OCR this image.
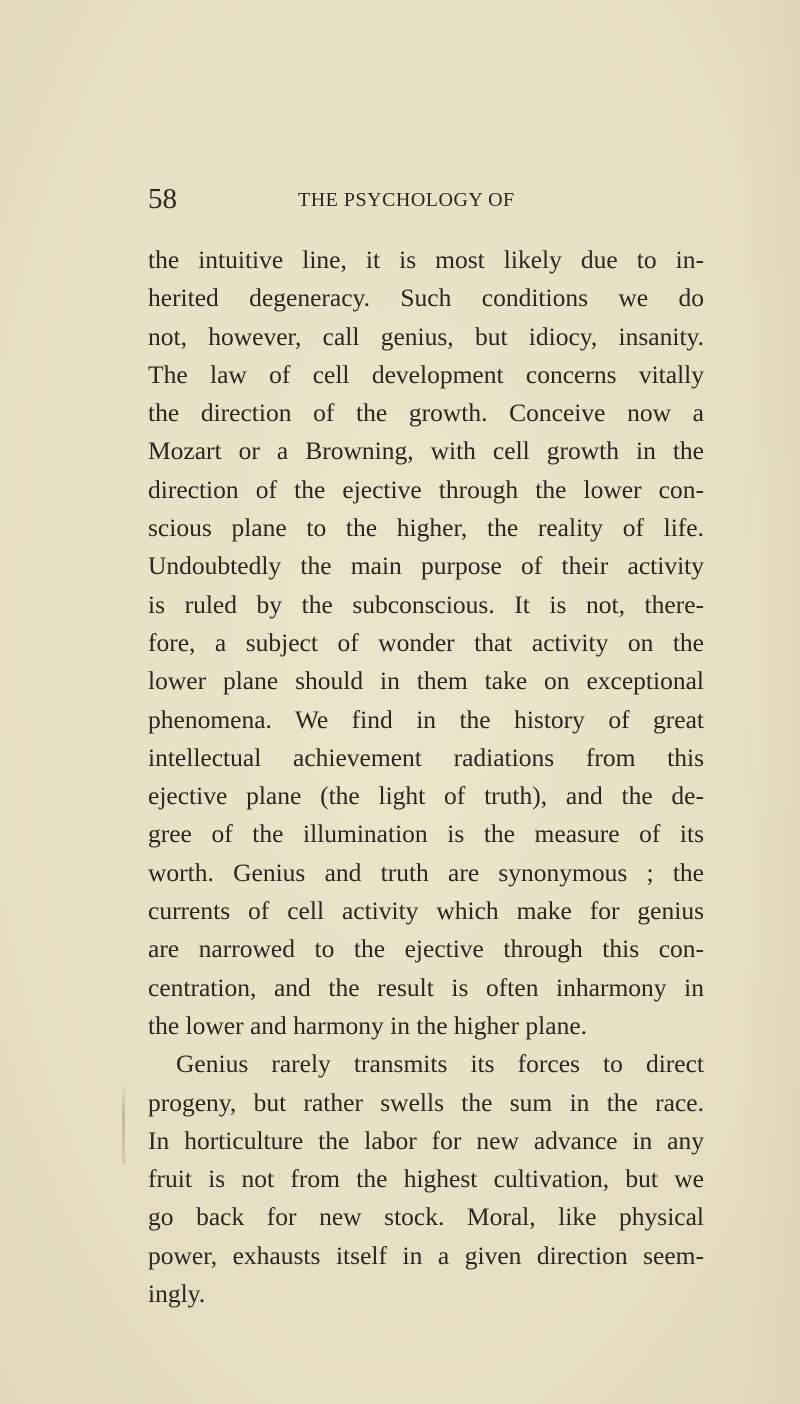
58	THE PSYCHOLOGY OF
the intuitive line, it is most likely due to in-
herited degeneracy. Such conditions we do
not, however, call genius, but idiocy, insanity.
The law of cell development concerns vitally
the direction of the growth. Conceive now a
Mozart or a Browning, with cell growth in the
direction of the ejective through the lower con-
scious plane to the higher, the reality of life.
Undoubtedly the main purpose of their activity
is ruled by the subconscious. It is not, there-
fore, a subject of wonder that activity on the
lower plane should in them take on exceptional
phenomena. We find in the history of great
intellectual achievement radiations from this
ejective plane (the light of truth), and the de-
gree of the illumination is the measure of its
worth. Genius and truth are synonymous ; the
currents of cell activity which make for genius
are narrowed to the ejective through this con-
centration, and the result is often inharmony in
the lower and harmony in the higher plane.
Genius rarely transmits its forces to direct
progeny, but rather swells the sum in the race.
In horticulture the labor for new advance in any
fruit is not from the highest cultivation, but we
go back for new stock. Moral, like physical
power, exhausts itself in a given direction seem-
ingly.
